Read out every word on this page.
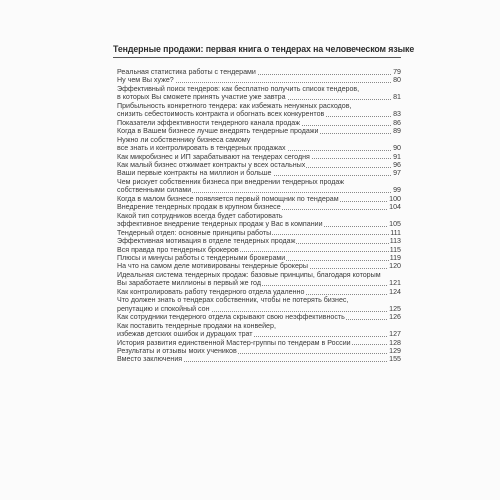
Тендерные продажи: первая книга о тендерах на человеческом языке
Реальная статистика работы с тендерами	79
Ну чем Вы хуже?	80
Эффективный поиск тендеров: как бесплатно получить список тендеров,
в которых Вы сможете принять участие уже завтра	81
Прибыльность конкретного тендера: как избежать ненужных расходов,
снизить себестоимость контракта и обогнать всех конкурентов	83
Показатели эффективности тендерного канала продаж	86
Когда в Вашем бизнесе лучше внедрять тендерные продажи	89
Нужно ли собственнику бизнеса самому
все знать и контролировать в тендерных продажах	90
Как микробизнес и ИП зарабатывают на тендерах сегодня	91
Как малый бизнес отжимает контракты у всех остальных	96
Ваши первые контракты на миллион и больше	97
Чем рискует собственник бизнеса при внедрении тендерных продаж
собственными силами	99
Когда в малом бизнесе появляется первый помощник по тендерам	100
Внедрение тендерных продаж в крупном бизнесе	104
Какой тип сотрудников всегда будет саботировать
эффективное внедрение тендерных продаж у Вас в компании	105
Тендерный отдел: основные принципы работы	111
Эффективная мотивация в отделе тендерных продаж	113
Вся правда про тендерных брокеров	115
Плюсы и минусы работы с тендерными брокерами	119
На что на самом деле мотивированы тендерные брокеры	120
Идеальная система тендерных продаж: базовые принципы, благодаря которым
Вы заработаете миллионы в первый же год	121
Как контролировать работу тендерного отдела удаленно	124
Что должен знать о тендерах собственник, чтобы не потерять бизнес,
репутацию и спокойный сон	125
Как сотрудники тендерного отдела скрывают свою неэффективность	126
Как поставить тендерные продажи на конвейер,
избежав детских ошибок и дурацких трат	127
История развития единственной Мастер-группы по тендерам в России	128
Результаты и отзывы моих учеников	129
Вместо заключения	155
